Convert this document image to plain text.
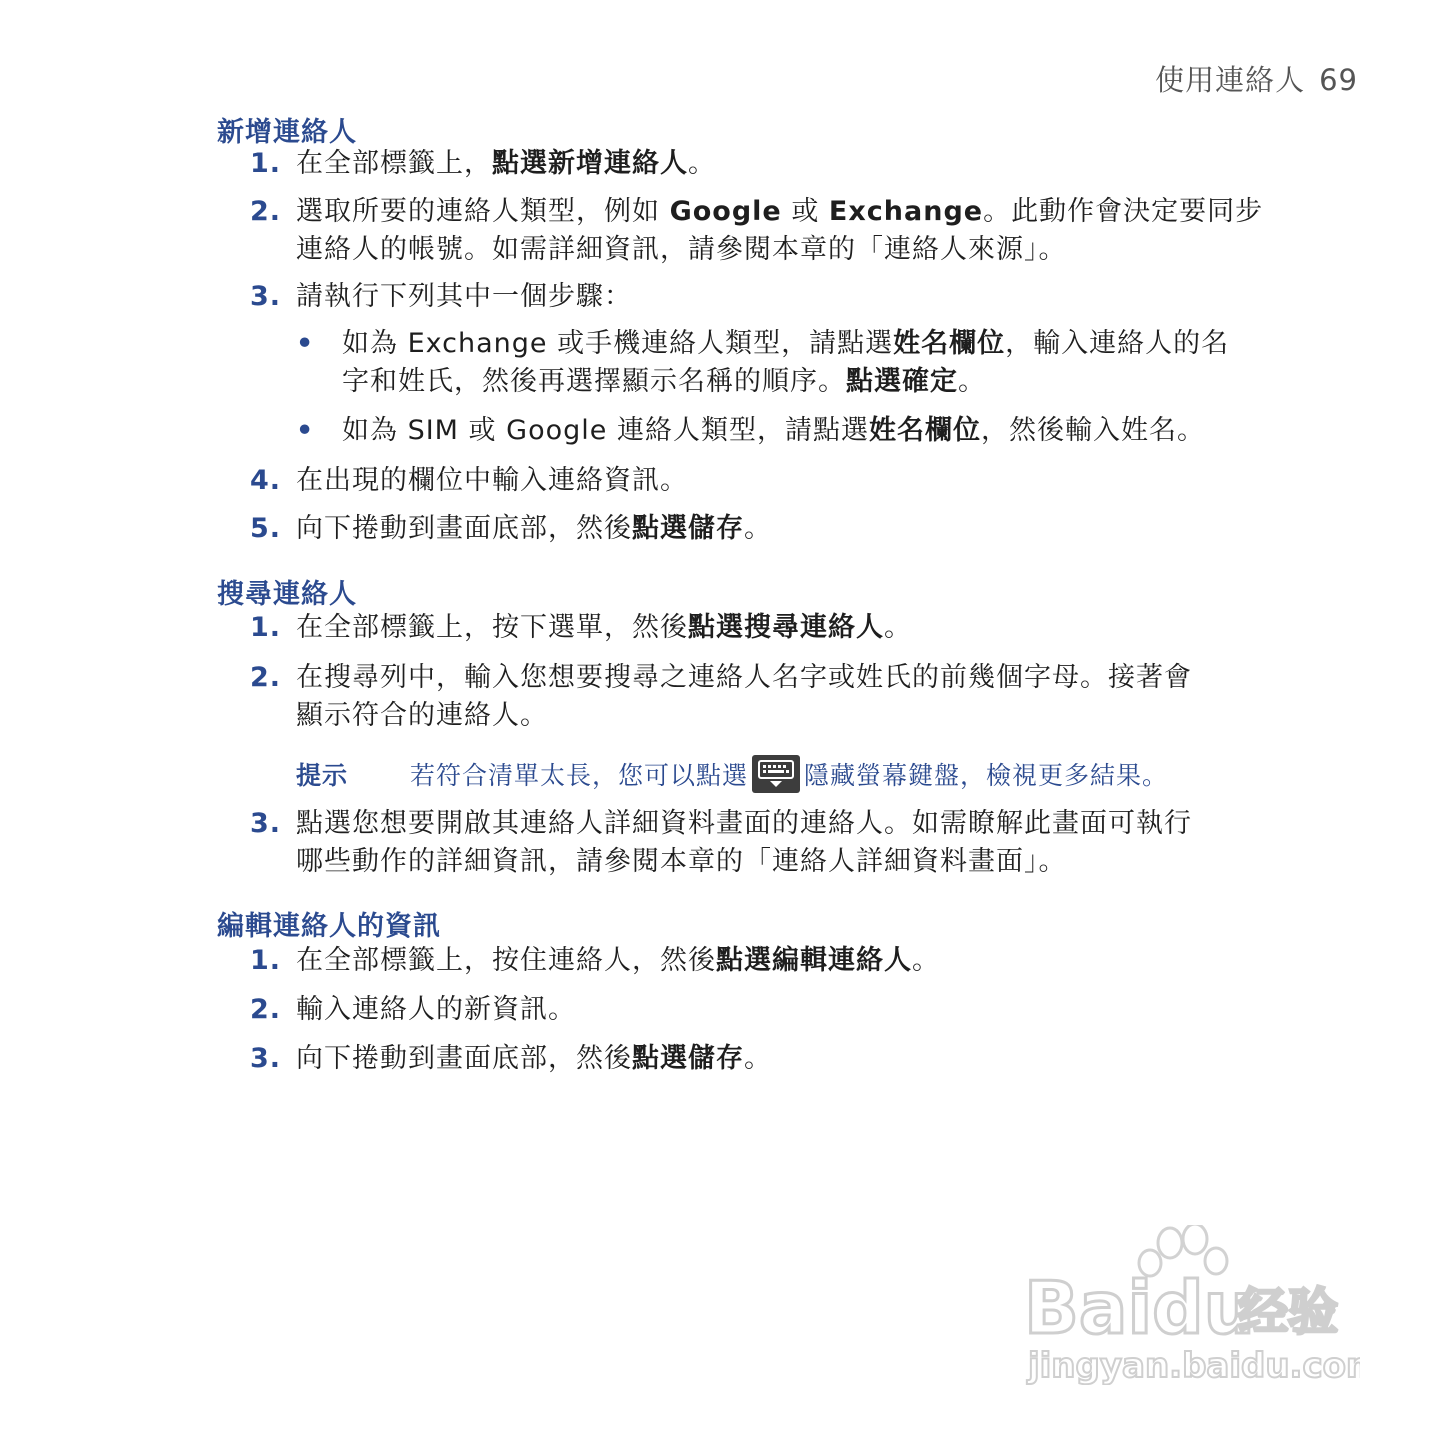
使用連絡人 69
新增連絡人
1. 在全部標籤上，點選新增連絡人。
2. 選取所要的連絡人類型，例如 Google 或 Exchange。此動作會決定要同步
連絡人的帳號。如需詳細資訊，請參閱本章的「連絡人來源」。
3. 請執行下列其中一個步驟：
• 如為 Exchange 或手機連絡人類型，請點選姓名欄位，輸入連絡人的名
字和姓氏，然後再選擇顯示名稱的順序。點選確定。
• 如為 SIM 或 Google 連絡人類型，請點選姓名欄位，然後輸入姓名。
4. 在出現的欄位中輸入連絡資訊。
5. 向下捲動到畫面底部，然後點選儲存。
搜尋連絡人
1. 在全部標籤上，按下選單，然後點選搜尋連絡人。
2. 在搜尋列中，輸入您想要搜尋之連絡人名字或姓氏的前幾個字母。接著會
顯示符合的連絡人。
提示 若符合清單太長，您可以點選 隱藏螢幕鍵盤，檢視更多結果。
3. 點選您想要開啟其連絡人詳細資料畫面的連絡人。如需瞭解此畫面可執行
哪些動作的詳細資訊，請參閱本章的「連絡人詳細資料畫面」。
編輯連絡人的資訊
1. 在全部標籤上，按住連絡人，然後點選編輯連絡人。
2. 輸入連絡人的新資訊。
3. 向下捲動到畫面底部，然後點選儲存。
Baidu
经验
jingyan.baidu.com
